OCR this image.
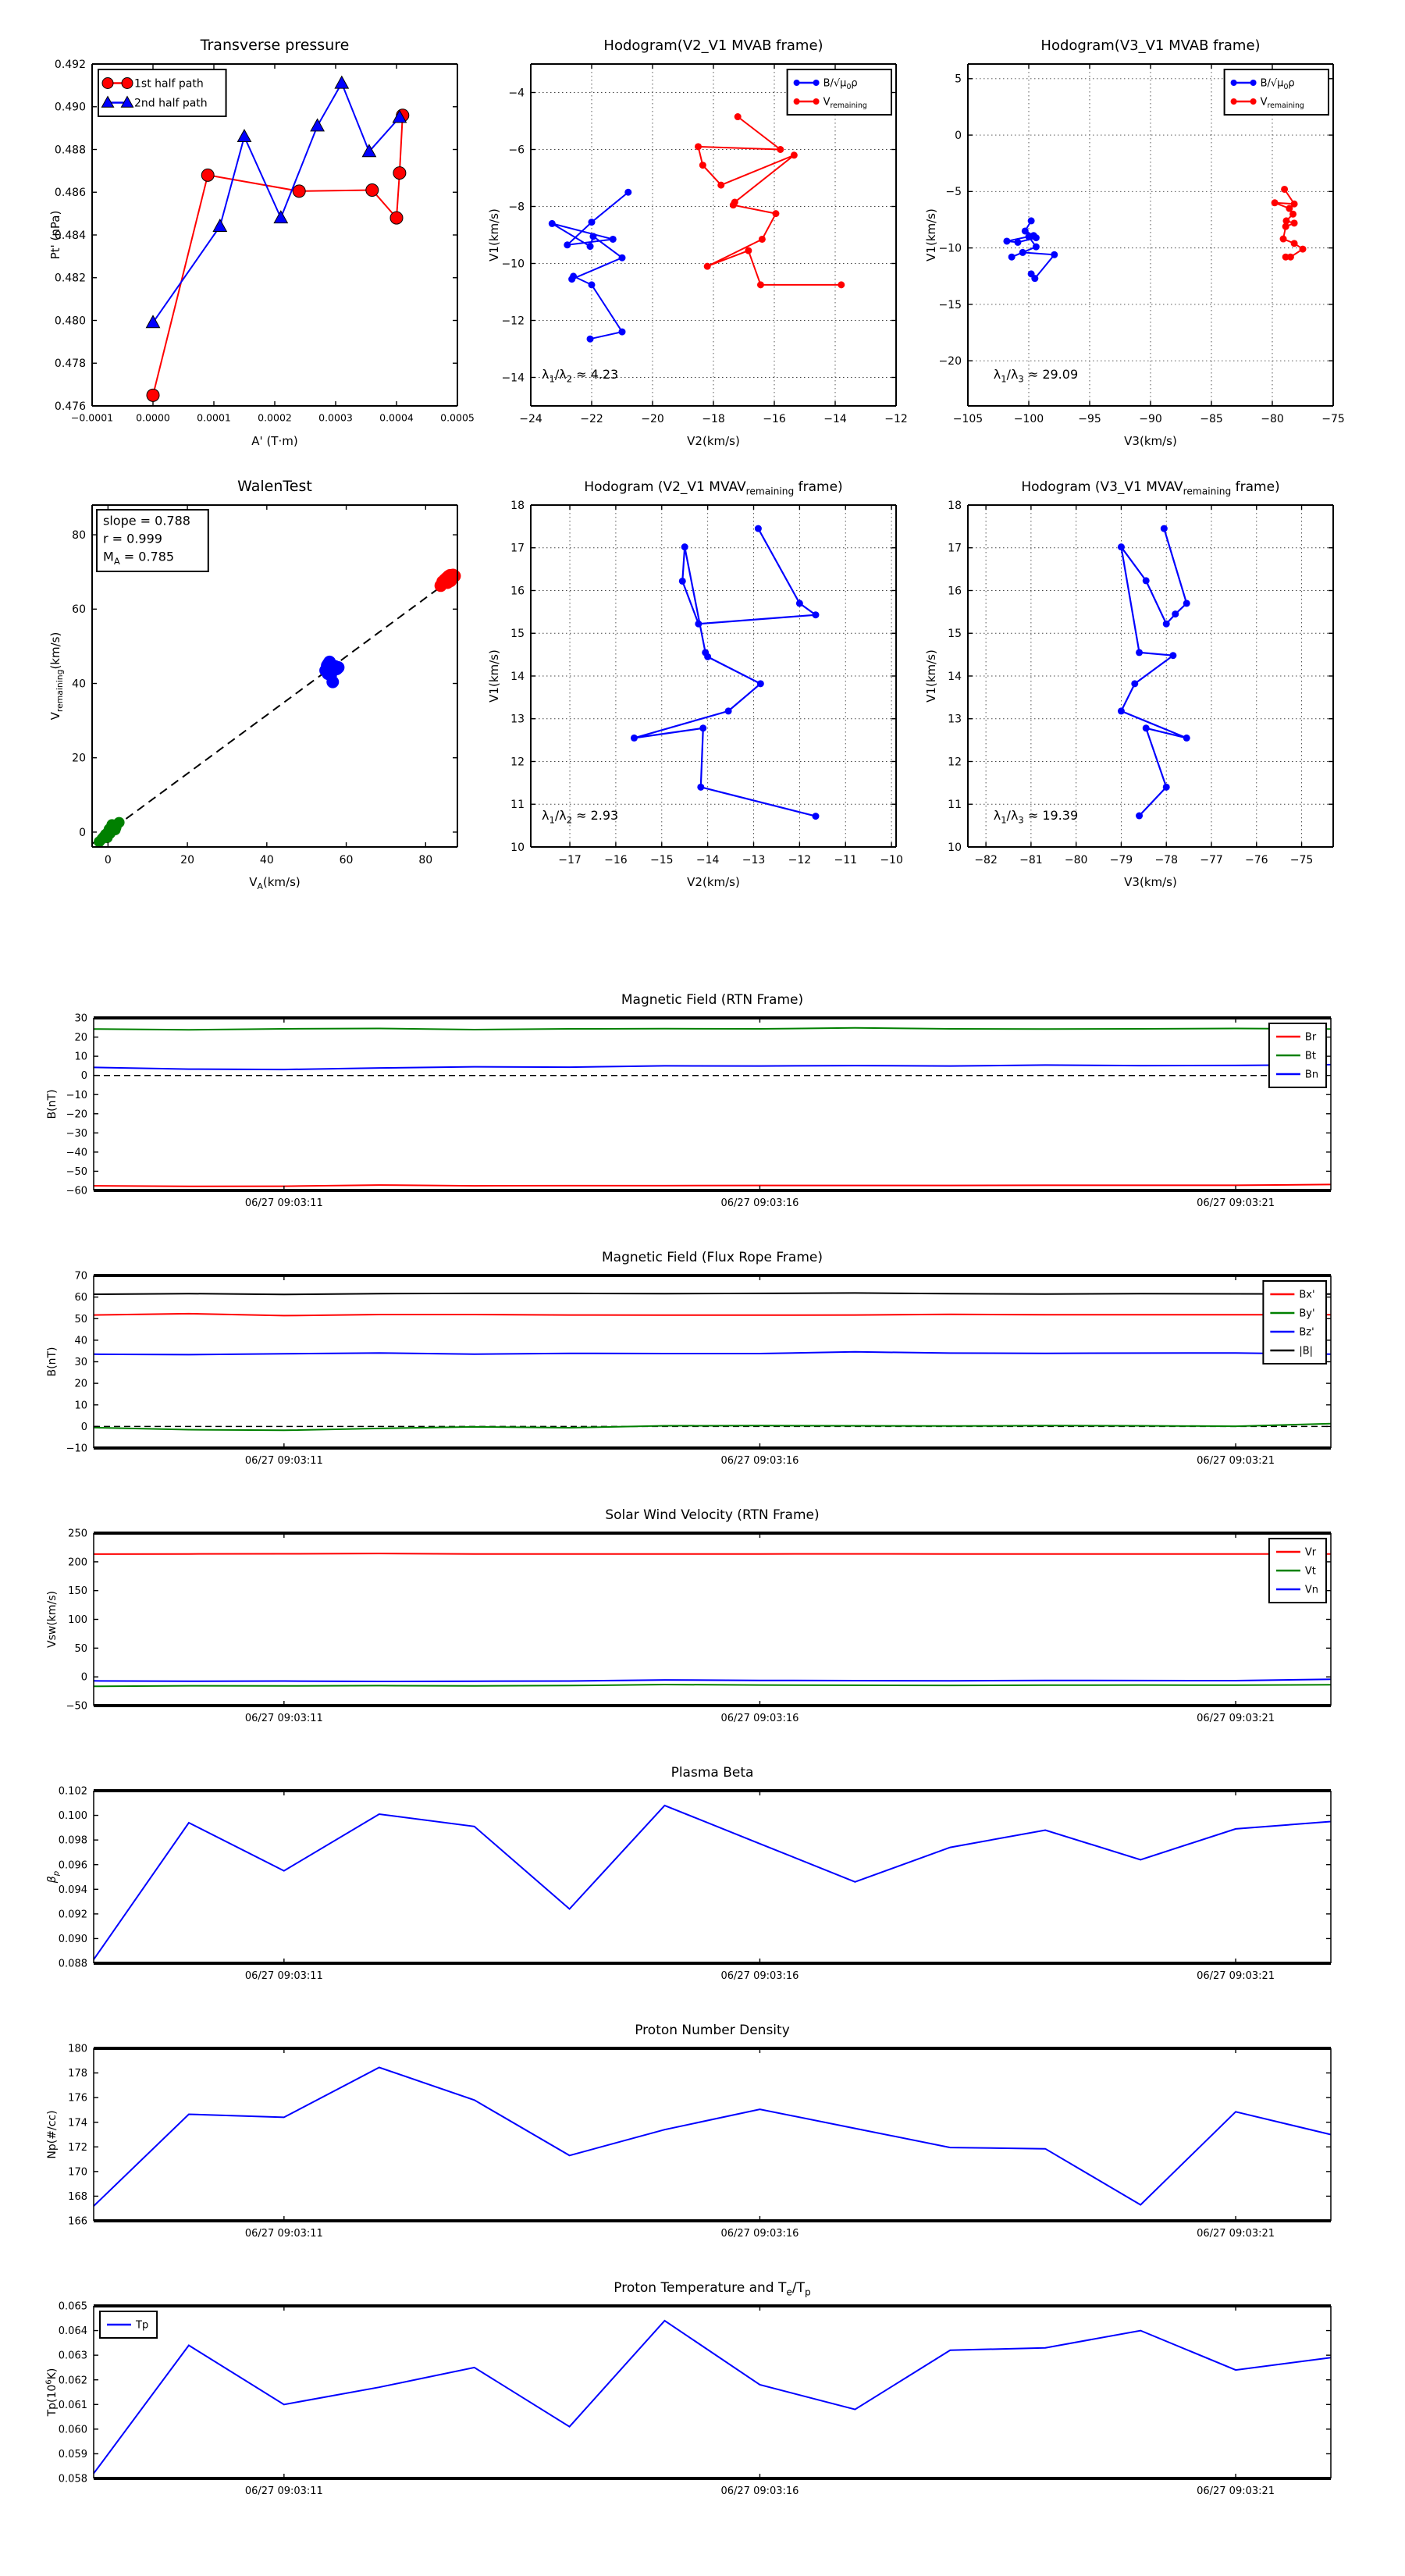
−0.0001 0.0000	0.0001	0.0002	0.0003	0.0004	0.0005
0.476
0.478
0.480
0.482
0.484
0.486
0.488
0.490
0.492
Transverse pressure
A' (T·m)
Pt' (nPa)
1st half path
2nd half path
−24	−22	−20	−18	−16	−14	−12
−14
−12
−10
−8
−6
−4
Hodogram(V2_V1 MVAB frame)
V2(km/s)
V1(km/s)
$B/√\mu_0\rho$
$V_{remaining}$
$\lambda_1/\lambda_2 \approx 4.23$
−105	−100	−95	−90	−85	−80	−75
5
0
−5
−10
−15
−20
Hodogram(V3_V1 MVAB frame)
V3(km/s)
V1(km/s)
$B/√\mu_0\rho$
$V_{remaining}$
$\lambda_1/\lambda_3 \approx 29.09$
0	20	40	60	80
0
20
40
60
80
WalenTest
$V_A(km/s)$
$V_{remaining}(km/s)$
slope = 0.788
r = 0.999
$M_A = 0.785$
−17 −16 −15 −14 −13 −12 −11 −10
10
11
12
13
14
15
16
17
18
Hodogram (V2_V1 $MVAV_{remaining}$ frame)
V2(km/s)
V1(km/s)
$\lambda_1/\lambda_2 \approx 2.93$
−82 −81 −80 −79 −78 −77 −76 −75
10
11
12
13
14
15
16
17
18
Hodogram (V3_V1 $MVAV_{remaining}$ frame)
V3(km/s)
V1(km/s)
$\lambda_1/\lambda_3 \approx 19.39$
06/27 09:03:11	06/27 09:03:16	06/27 09:03:21
−60
−50
−40
−30
−20
−10
0
10
20
30
Magnetic Field (RTN Frame)
B(nT)
Br
Bt
Bn
06/27 09:03:11	06/27 09:03:16	06/27 09:03:21
−10
0
10
20
30
40
50
60
70
Magnetic Field (Flux Rope Frame)
B(nT)
Bx'
By'
Bz'
|B|
06/27 09:03:11	06/27 09:03:16	06/27 09:03:21
−50
0
50
100
150
200
250
Solar Wind Velocity (RTN Frame)
Vsw(km/s)
Vr
Vt
Vn
06/27 09:03:11	06/27 09:03:16	06/27 09:03:21
0.088
0.090
0.092
0.094
0.096
0.098
0.100
0.102
Plasma Beta
$\beta_p$
06/27 09:03:11	06/27 09:03:16	06/27 09:03:21
166
168
170
172
174
176
178
180
Proton Number Density
Np(#/cc)
06/27 09:03:11	06/27 09:03:16	06/27 09:03:21
0.058
0.059
0.060
0.061
0.062
0.063
0.064
0.065
Proton Temperature and $T_e/T_p$
$Tp(10^6K)$
Tp
